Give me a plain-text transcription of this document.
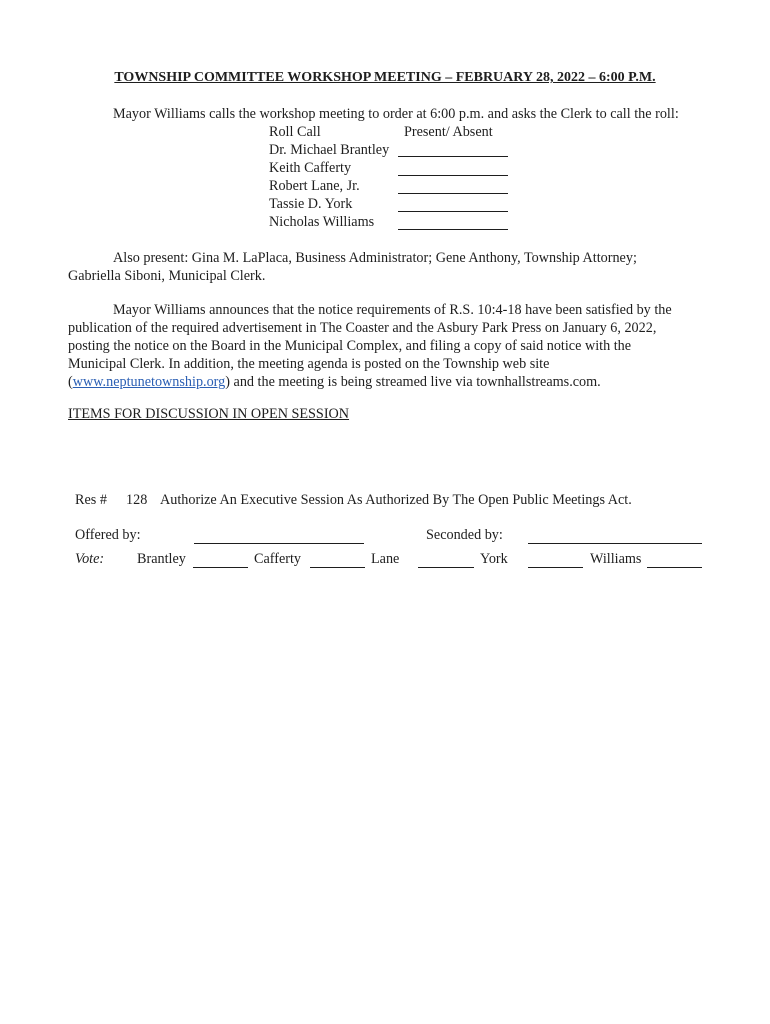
TOWNSHIP COMMITTEE WORKSHOP MEETING – FEBRUARY 28, 2022 – 6:00 P.M.
Mayor Williams calls the workshop meeting to order at 6:00 p.m. and asks the Clerk to call the roll:
Roll Call	Present/ Absent
Dr. Michael Brantley
Keith Cafferty
Robert Lane, Jr.
Tassie D. York
Nicholas Williams
Also present: Gina M. LaPlaca, Business Administrator; Gene Anthony, Township Attorney; Gabriella Siboni, Municipal Clerk.
Mayor Williams announces that the notice requirements of R.S. 10:4-18 have been satisfied by the publication of the required advertisement in The Coaster and the Asbury Park Press on January 6, 2022, posting the notice on the Board in the Municipal Complex, and filing a copy of said notice with the Municipal Clerk. In addition, the meeting agenda is posted on the Township web site (www.neptunetownship.org) and the meeting is being streamed live via townhallstreams.com.
ITEMS FOR DISCUSSION IN OPEN SESSION
Res # 128 Authorize An Executive Session As Authorized By The Open Public Meetings Act.
Offered by:	Seconded by:
Vote: Brantley	Cafferty	Lane	York	Williams
